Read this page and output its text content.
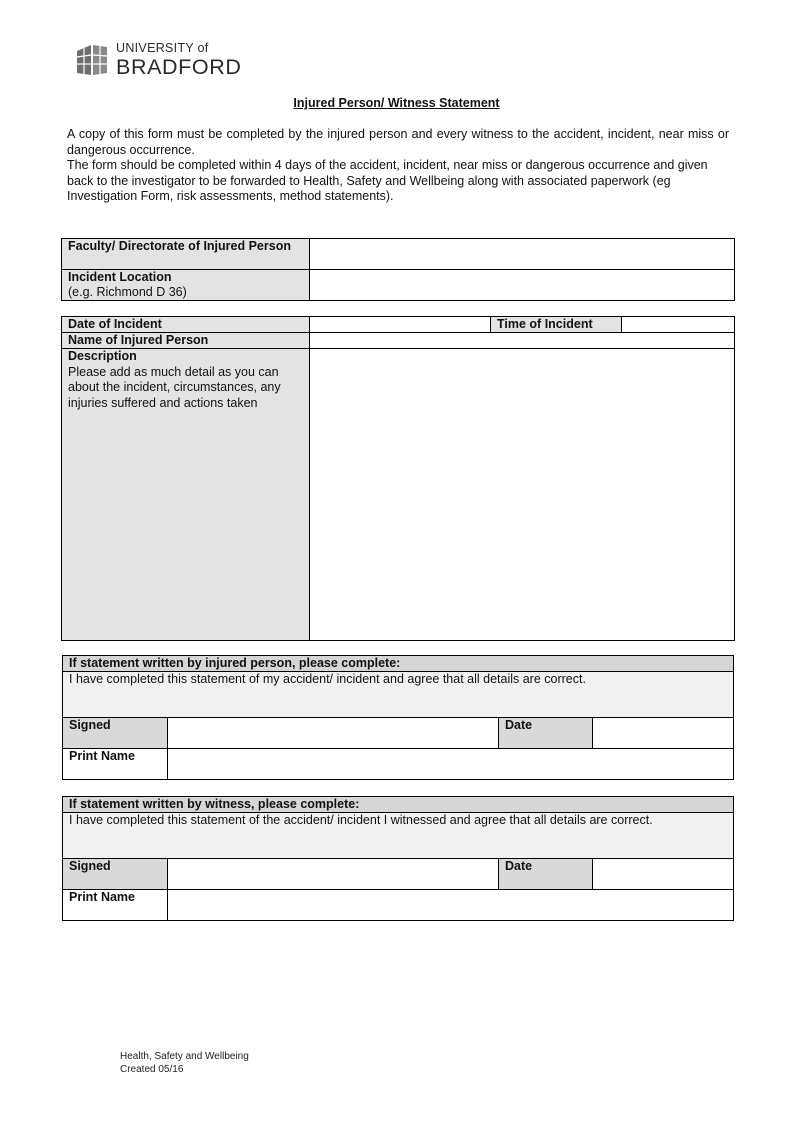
UNIVERSITY of
BRADFORD
Injured Person/ Witness Statement

A copy of this form must be completed by the injured person and every witness to the accident, incident, near miss or dangerous occurrence.

The form should be completed within 4 days of the accident, incident, near miss or dangerous occurrence and given back to the investigator to be forwarded to Health, Safety and Wellbeing along with associated paperwork (eg Investigation Form, risk assessments, method statements).

Faculty/ Directorate of Injured Person	

Incident Location
(e.g. Richmond D 36)	

Date of Incident		Time of Incident	
Name of Injured Person			

Description
Please add as much detail as you can about the incident, circumstances, any injuries suffered and actions taken			

If statement written by injured person, please complete:			
I have completed this statement of my accident/ incident and agree that all details are correct.			
Signed		Date	
Print Name			
If statement written by witness, please complete:			
I have completed this statement of the accident/ incident I witnessed and agree that all details are correct.			
Signed		Date	
Print Name			
Health, Safety and Wellbeing
Created 05/16
